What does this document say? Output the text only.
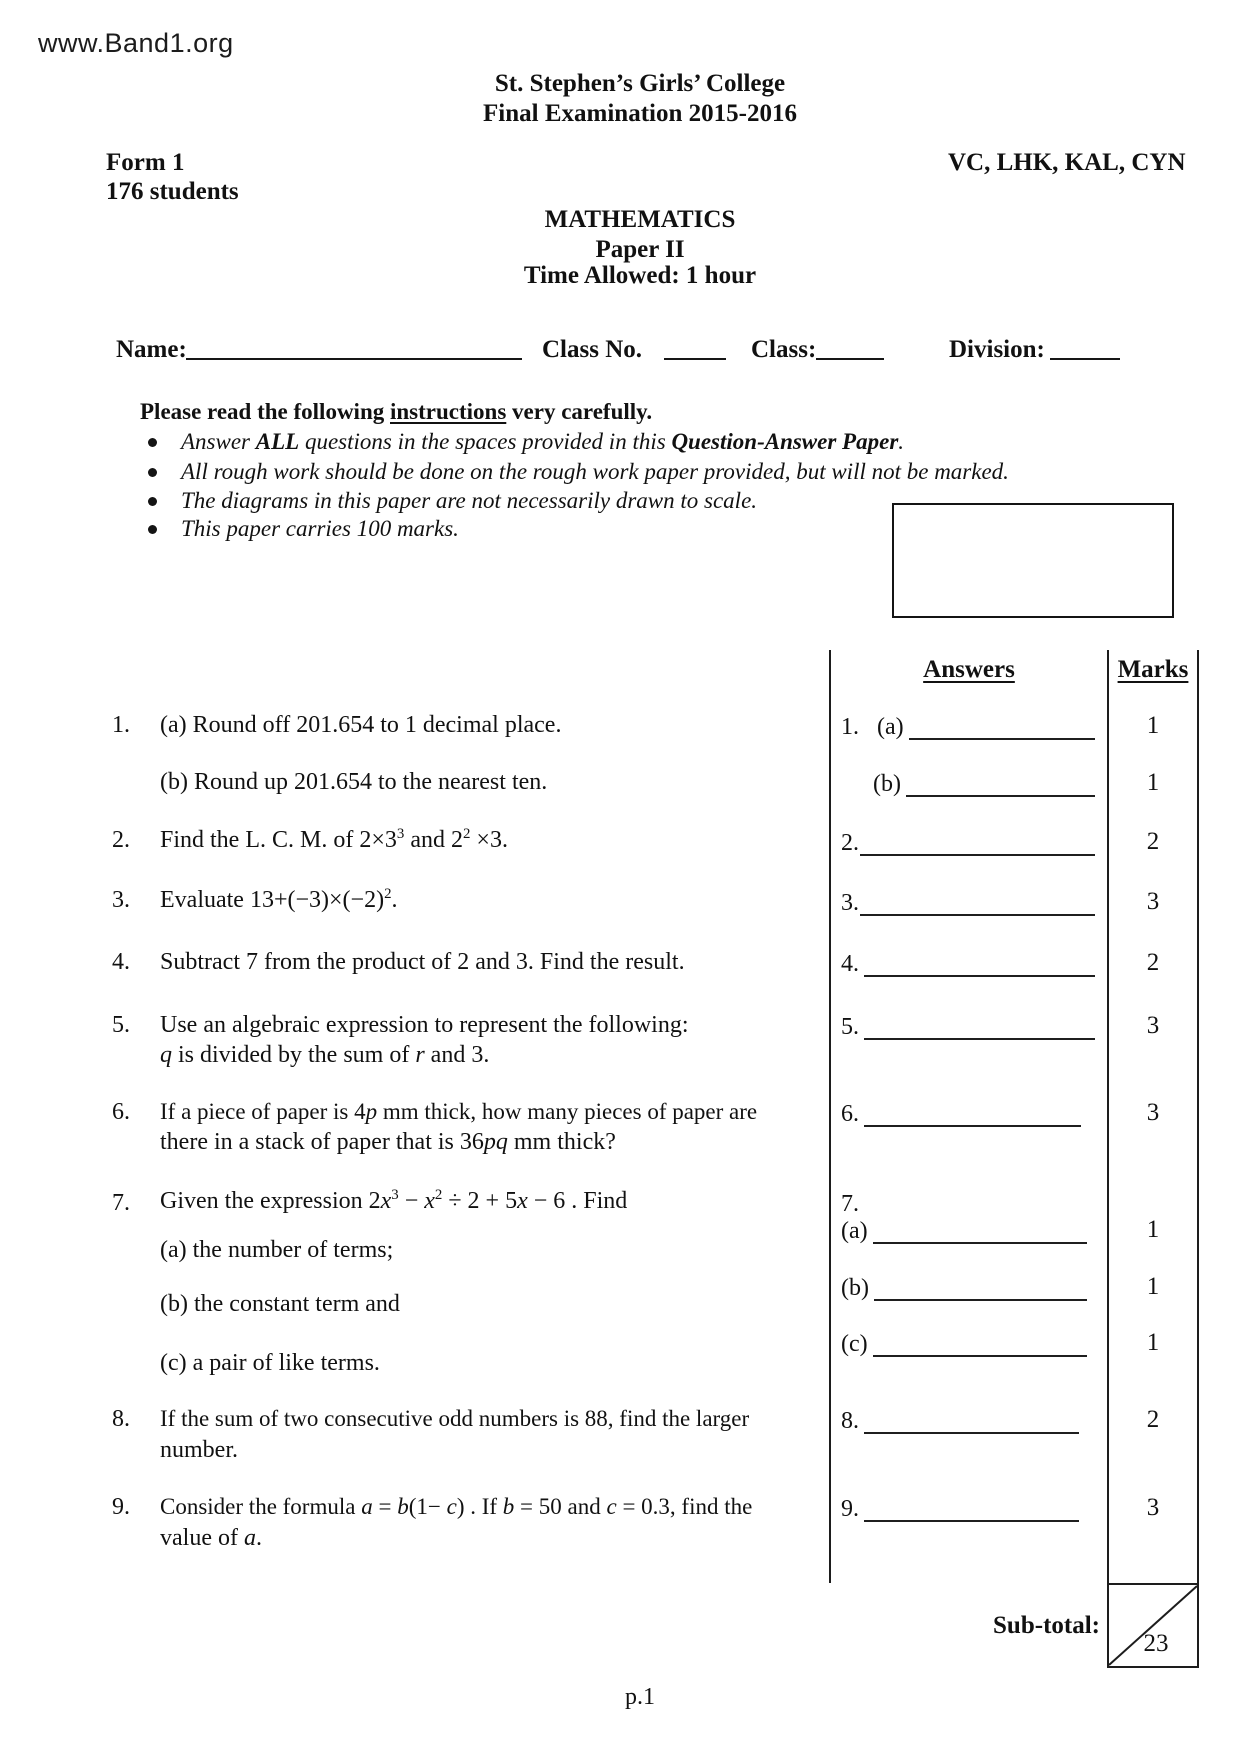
www.Band1.org
St. Stephen’s Girls’ College
Final Examination 2015-2016
Form 1	VC, LHK, KAL, CYN
176 students
MATHEMATICS
Paper II
Time Allowed: 1 hour
Name:	Class No.	Class:	Division:
Please read the following instructions very carefully.
Answer ALL questions in the spaces provided in this Question-Answer Paper.
All rough work should be done on the rough work paper provided, but will not be marked.
The diagrams in this paper are not necessarily drawn to scale.
This paper carries 100 marks.
Answers	Marks
1.   (a)	1
(b)	1
2.	2
3.	3
4.	2
5.	3
6.	3
7.
(a)	1
(b)	1
(c)	1
8.	2
9.	3
1. (a) Round off 201.654 to 1 decimal place.
(b) Round up 201.654 to the nearest ten.
2. Find the L. C. M. of $2\times 3^3$ and $2^2 \times 3$.
3. Evaluate $13+(-3)\times(-2)^2$.
4. Subtract 7 from the product of 2 and 3. Find the result.
5. Use an algebraic expression to represent the following:
q is divided by the sum of r and 3.
6. If a piece of paper is 4p mm thick, how many pieces of paper are
there in a stack of paper that is 36pq mm thick?
7. Given the expression $2x^3 - x^2 \div 2 + 5x - 6$ . Find
(a) the number of terms;
(b) the constant term and
(c) a pair of like terms.
8. If the sum of two consecutive odd numbers is 88, find the larger
number.
9. Consider the formula a = b(1− c) . If b = 50 and c = 0.3, find the
value of a.
Sub-total:
23
p.1
